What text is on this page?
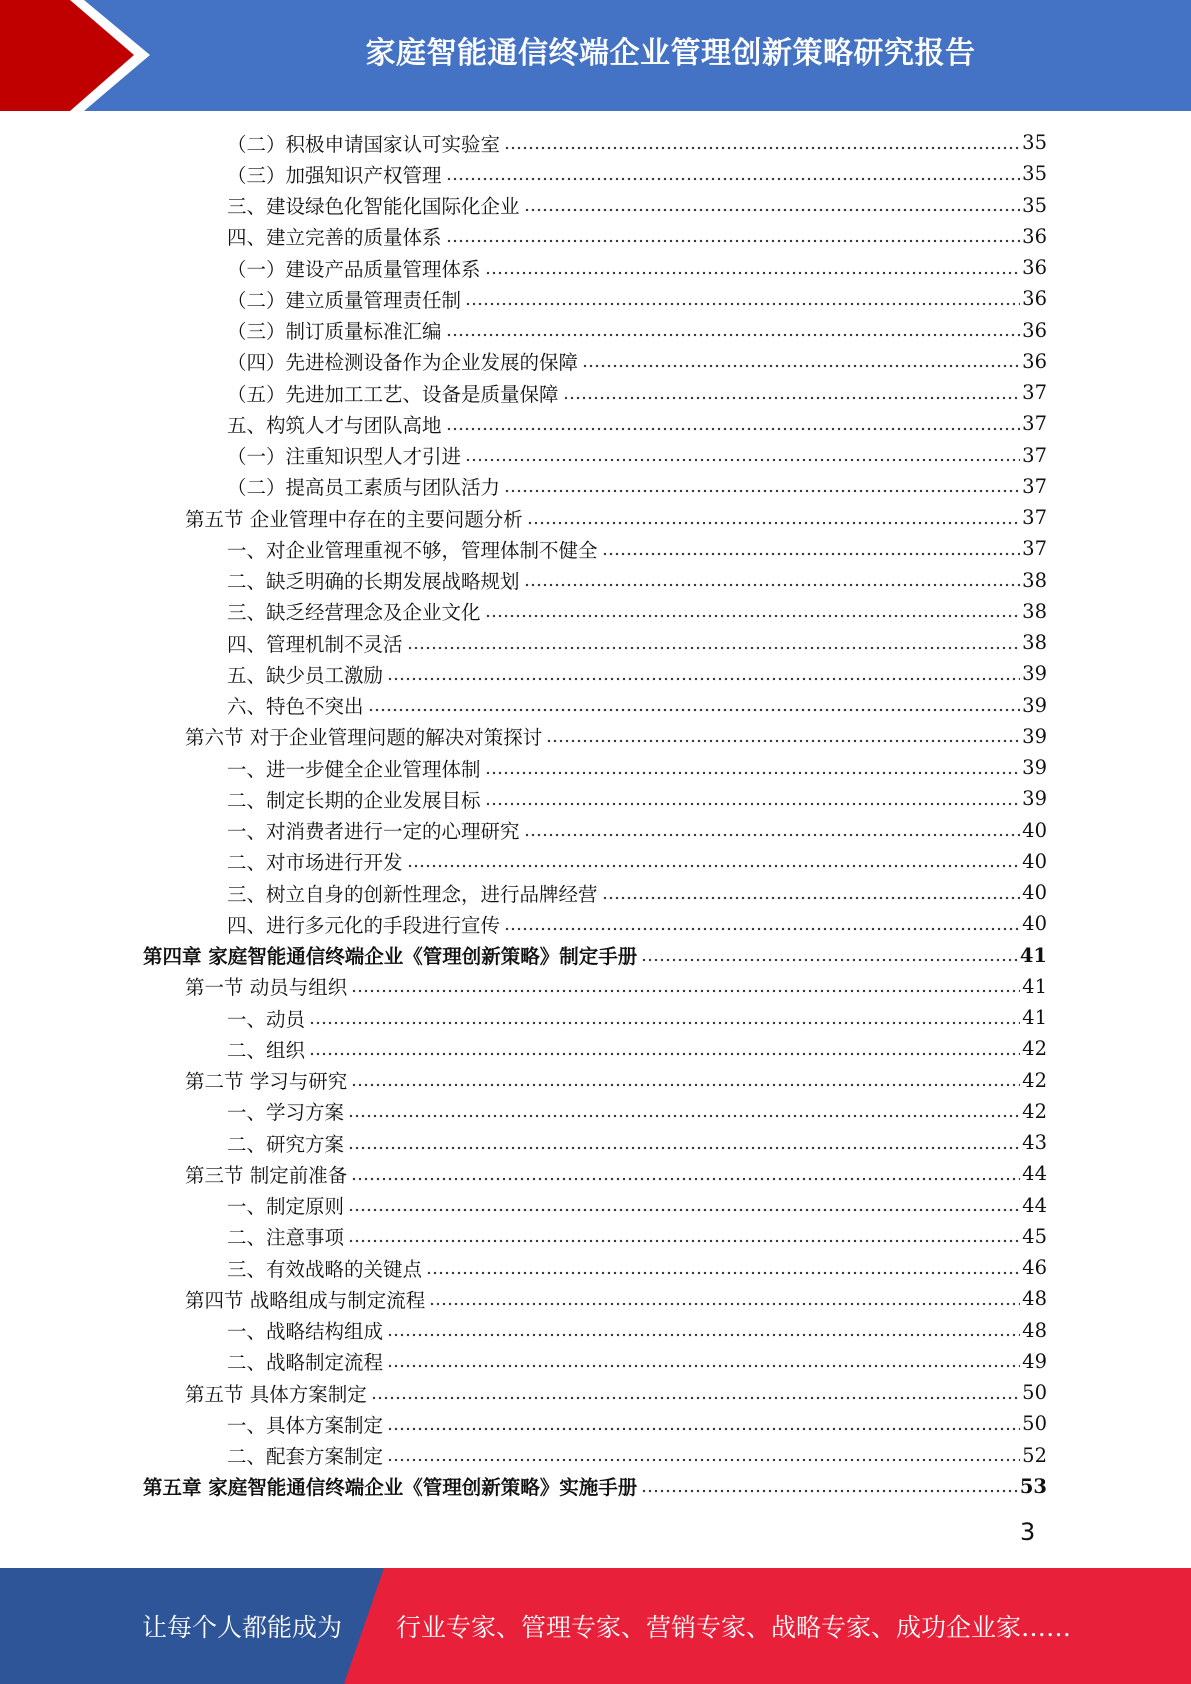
家庭智能通信终端企业管理创新策略研究报告
（二）积极申请国家认可实验室	35
（三）加强知识产权管理	35
三、建设绿色化智能化国际化企业	35
四、建立完善的质量体系	36
（一）建设产品质量管理体系	36
（二）建立质量管理责任制	36
（三）制订质量标准汇编	36
（四）先进检测设备作为企业发展的保障	36
（五）先进加工工艺、设备是质量保障	37
五、构筑人才与团队高地	37
（一）注重知识型人才引进	37
（二）提高员工素质与团队活力	37
第五节 企业管理中存在的主要问题分析	37
一、对企业管理重视不够，管理体制不健全	37
二、缺乏明确的长期发展战略规划	38
三、缺乏经营理念及企业文化	38
四、管理机制不灵活	38
五、缺少员工激励	39
六、特色不突出	39
第六节 对于企业管理问题的解决对策探讨	39
一、进一步健全企业管理体制	39
二、制定长期的企业发展目标	39
一、对消费者进行一定的心理研究	40
二、对市场进行开发	40
三、树立自身的创新性理念，进行品牌经营	40
四、进行多元化的手段进行宣传	40
第四章 家庭智能通信终端企业《管理创新策略》制定手册	41
第一节 动员与组织	41
一、动员	41
二、组织	42
第二节 学习与研究	42
一、学习方案	42
二、研究方案	43
第三节 制定前准备	44
一、制定原则	44
二、注意事项	45
三、有效战略的关键点	46
第四节 战略组成与制定流程	48
一、战略结构组成	48
二、战略制定流程	49
第五节 具体方案制定	50
一、具体方案制定	50
二、配套方案制定	52
第五章 家庭智能通信终端企业《管理创新策略》实施手册	53
3
让每个人都能成为 行业专家、管理专家、营销专家、战略专家、成功企业家……
